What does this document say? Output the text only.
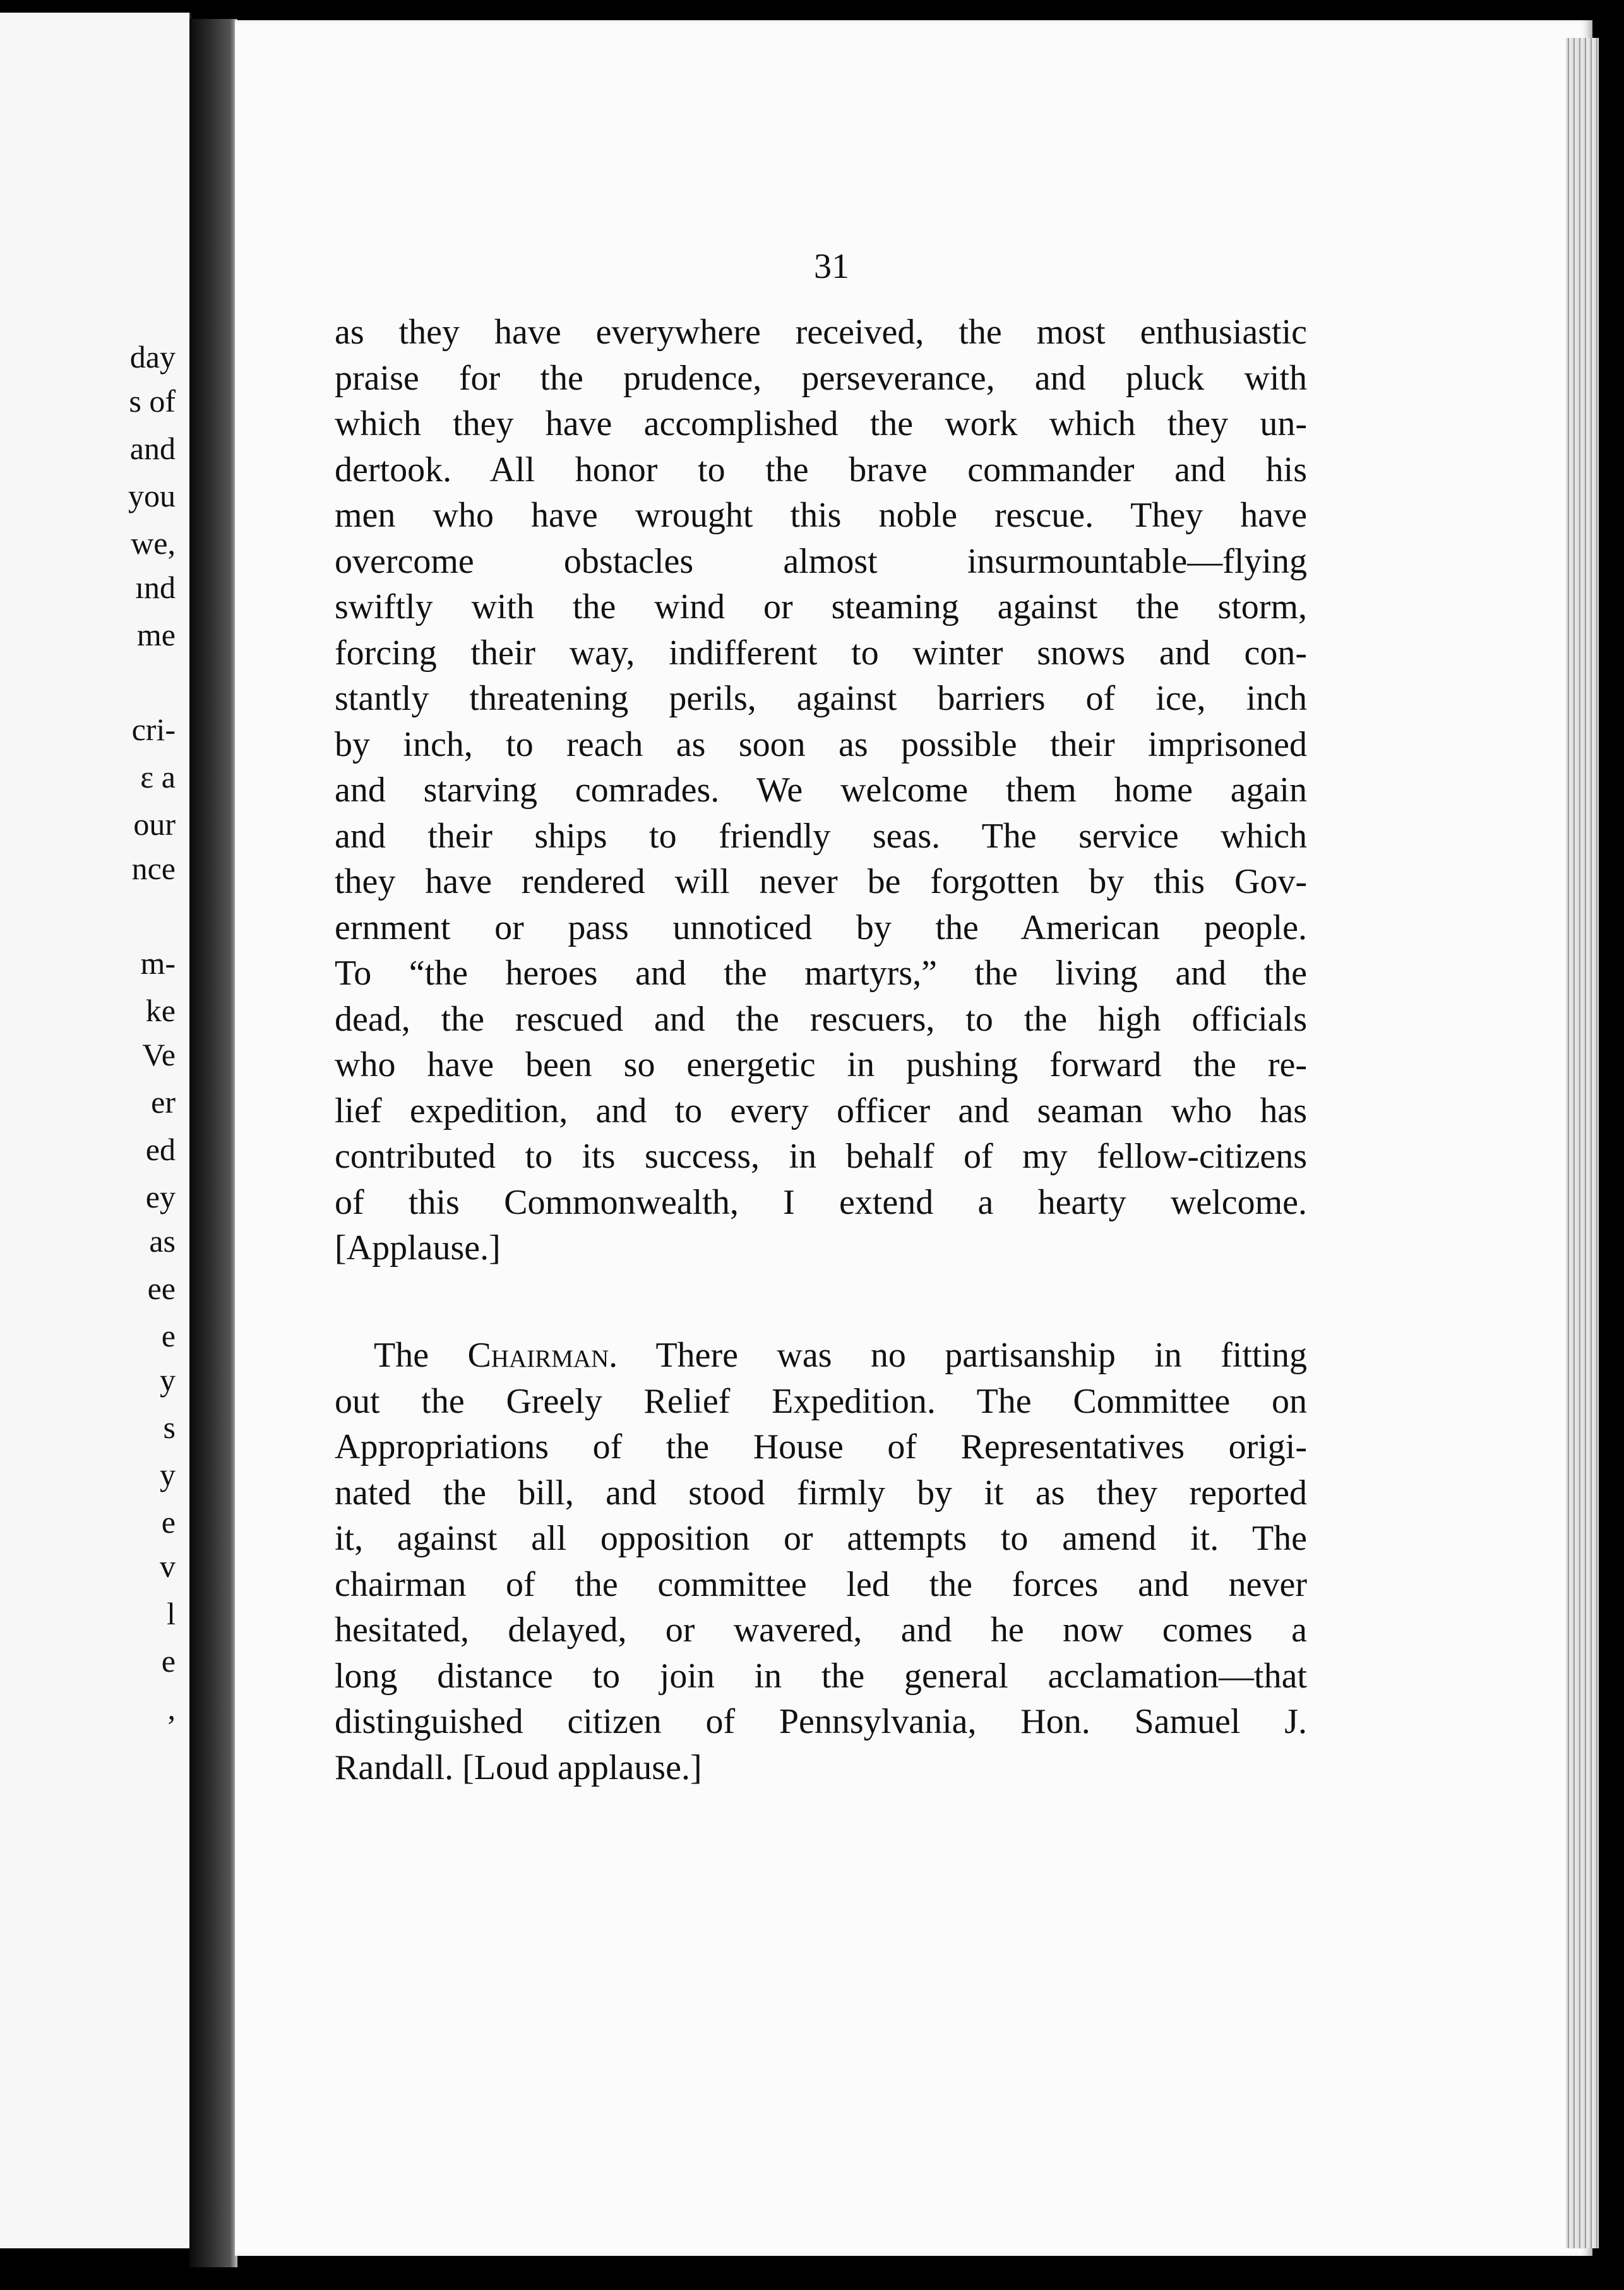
day
s of
and
you
we,
ınd
me
cri-
ε a
our
nce
m-
ke
Ve
er
ed
ey
as
ee
e
y
s
y
e
v
l
e
,
31
as they have everywhere received, the most enthusiastic
praise for the prudence, perseverance, and pluck with
which they have accomplished the work which they un-
dertook. All honor to the brave commander and his
men who have wrought this noble rescue. They have
overcome obstacles almost insurmountable—flying
swiftly with the wind or steaming against the storm,
forcing their way, indifferent to winter snows and con-
stantly threatening perils, against barriers of ice, inch
by inch, to reach as soon as possible their imprisoned
and starving comrades. We welcome them home again
and their ships to friendly seas. The service which
they have rendered will never be forgotten by this Gov-
ernment or pass unnoticed by the American people.
To “the heroes and the martyrs,” the living and the
dead, the rescued and the rescuers, to the high officials
who have been so energetic in pushing forward the re-
lief expedition, and to every officer and seaman who has
contributed to its success, in behalf of my fellow-citizens
of this Commonwealth, I extend a hearty welcome.
[Applause.]
The Chairman. There was no partisanship in fitting
out the Greely Relief Expedition. The Committee on
Appropriations of the House of Representatives origi-
nated the bill, and stood firmly by it as they reported
it, against all opposition or attempts to amend it. The
chairman of the committee led the forces and never
hesitated, delayed, or wavered, and he now comes a
long distance to join in the general acclamation—that
distinguished citizen of Pennsylvania, Hon. Samuel J.
Randall. [Loud applause.]
